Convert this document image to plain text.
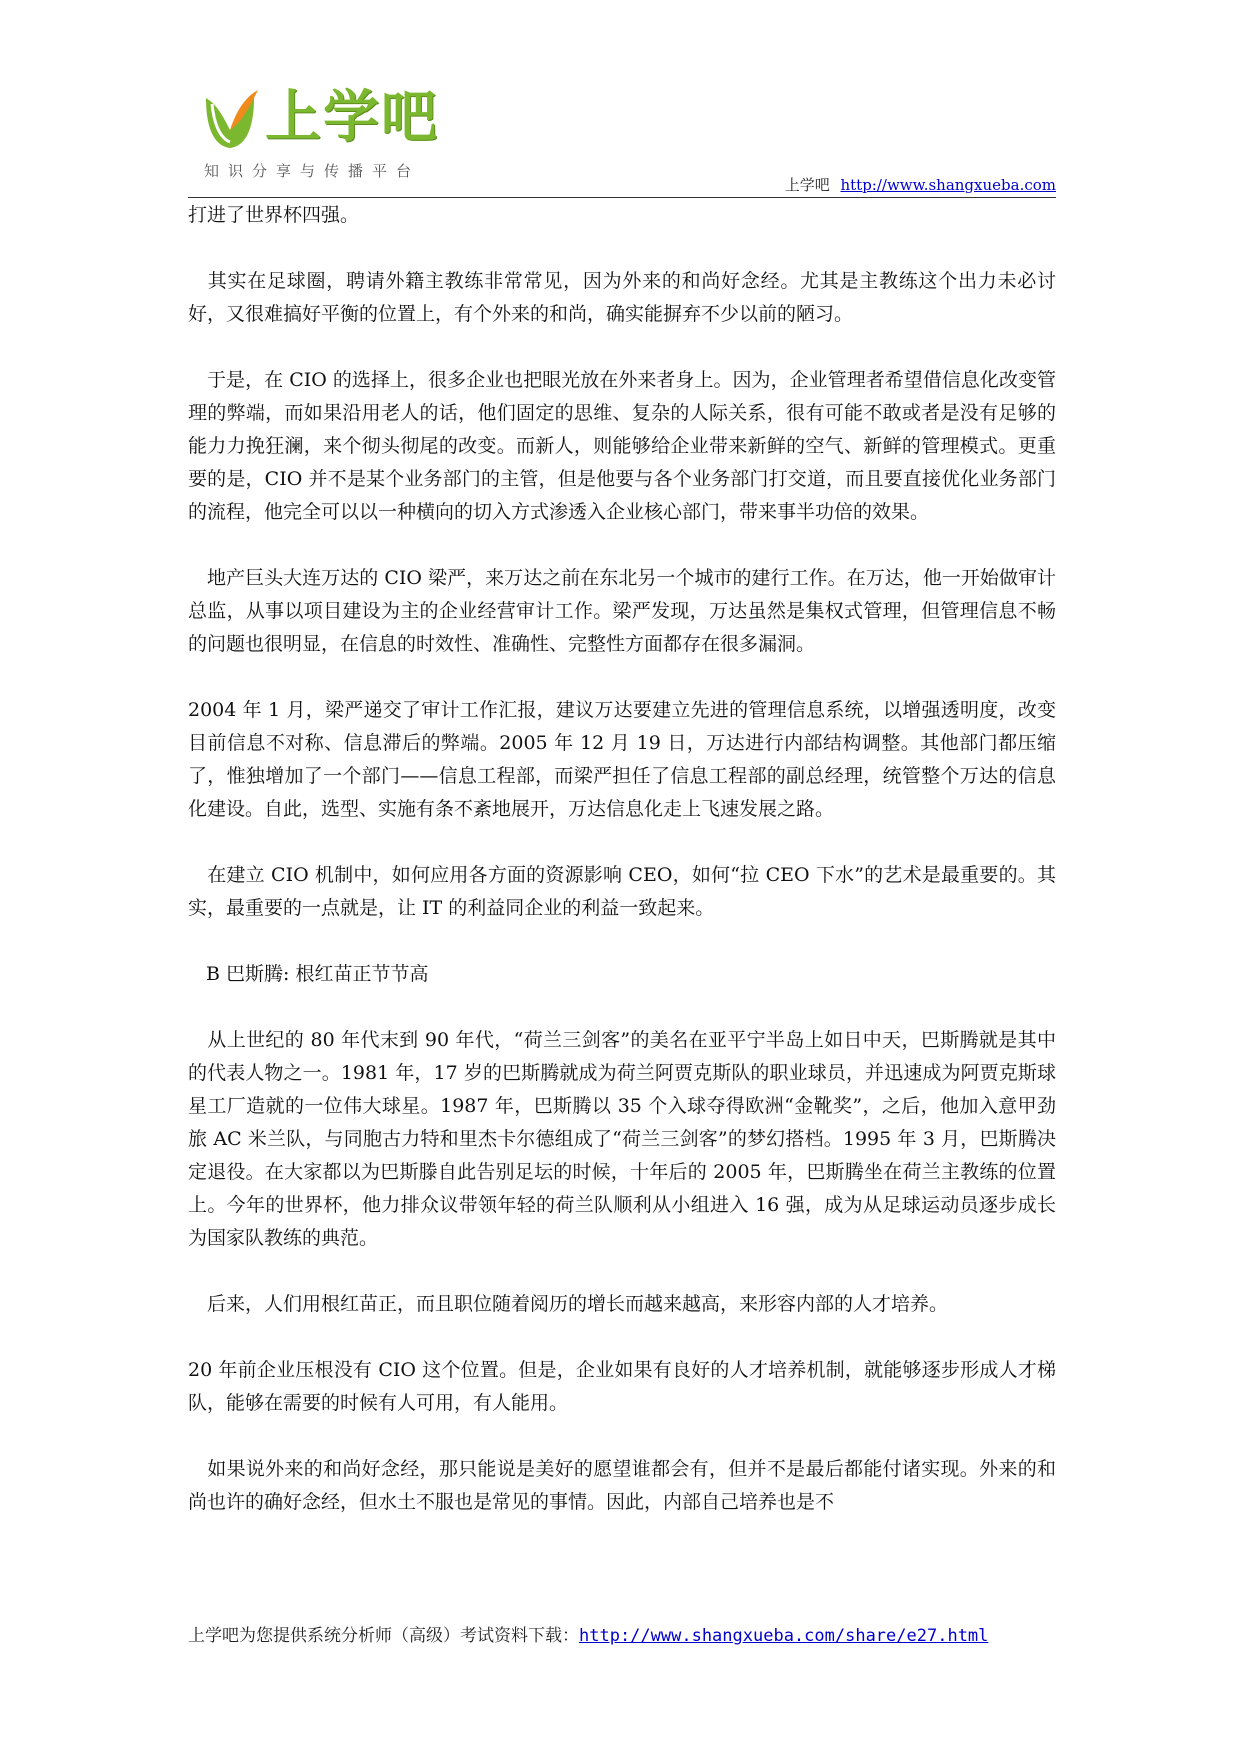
上学吧
知识分享与传播平台
上学吧 http://www.shangxueba.com

打进了世界杯四强。

　其实在足球圈，聘请外籍主教练非常常见，因为外来的和尚好念经。尤其是主教练这个出力未必讨好，又很难搞好平衡的位置上，有个外来的和尚，确实能摒弃不少以前的陋习。

　于是，在 CIO 的选择上，很多企业也把眼光放在外来者身上。因为，企业管理者希望借信息化改变管理的弊端，而如果沿用老人的话，他们固定的思维、复杂的人际关系，很有可能不敢或者是没有足够的能力力挽狂澜，来个彻头彻尾的改变。而新人，则能够给企业带来新鲜的空气、新鲜的管理模式。更重要的是，CIO 并不是某个业务部门的主管，但是他要与各个业务部门打交道，而且要直接优化业务部门的流程，他完全可以以一种横向的切入方式渗透入企业核心部门，带来事半功倍的效果。

　地产巨头大连万达的 CIO 梁严，来万达之前在东北另一个城市的建行工作。在万达，他一开始做审计总监，从事以项目建设为主的企业经营审计工作。梁严发现，万达虽然是集权式管理，但管理信息不畅的问题也很明显，在信息的时效性、准确性、完整性方面都存在很多漏洞。

2004 年 1 月，梁严递交了审计工作汇报，建议万达要建立先进的管理信息系统，以增强透明度，改变目前信息不对称、信息滞后的弊端。2005 年 12 月 19 日，万达进行内部结构调整。其他部门都压缩了，惟独增加了一个部门——信息工程部，而梁严担任了信息工程部的副总经理，统管整个万达的信息化建设。自此，选型、实施有条不紊地展开，万达信息化走上飞速发展之路。

　在建立 CIO 机制中，如何应用各方面的资源影响 CEO，如何“拉 CEO 下水”的艺术是最重要的。其实，最重要的一点就是，让 IT 的利益同企业的利益一致起来。

B 巴斯腾: 根红苗正节节高

　从上世纪的 80 年代末到 90 年代，“荷兰三剑客”的美名在亚平宁半岛上如日中天，巴斯腾就是其中的代表人物之一。1981 年，17 岁的巴斯腾就成为荷兰阿贾克斯队的职业球员，并迅速成为阿贾克斯球星工厂造就的一位伟大球星。1987 年，巴斯腾以 35 个入球夺得欧洲“金靴奖”，之后，他加入意甲劲旅 AC 米兰队，与同胞古力特和里杰卡尔德组成了“荷兰三剑客”的梦幻搭档。1995 年 3 月，巴斯腾决定退役。在大家都以为巴斯滕自此告别足坛的时候，十年后的 2005 年，巴斯腾坐在荷兰主教练的位置上。今年的世界杯，他力排众议带领年轻的荷兰队顺利从小组进入 16 强，成为从足球运动员逐步成长为国家队教练的典范。

　后来，人们用根红苗正，而且职位随着阅历的增长而越来越高，来形容内部的人才培养。

20 年前企业压根没有 CIO 这个位置。但是，企业如果有良好的人才培养机制，就能够逐步形成人才梯队，能够在需要的时候有人可用，有人能用。

　如果说外来的和尚好念经，那只能说是美好的愿望谁都会有，但并不是最后都能付诸实现。外来的和尚也许的确好念经，但水土不服也是常见的事情。因此，内部自己培养也是不

上学吧为您提供系统分析师（高级）考试资料下载：http://www.shangxueba.com/share/e27.html
